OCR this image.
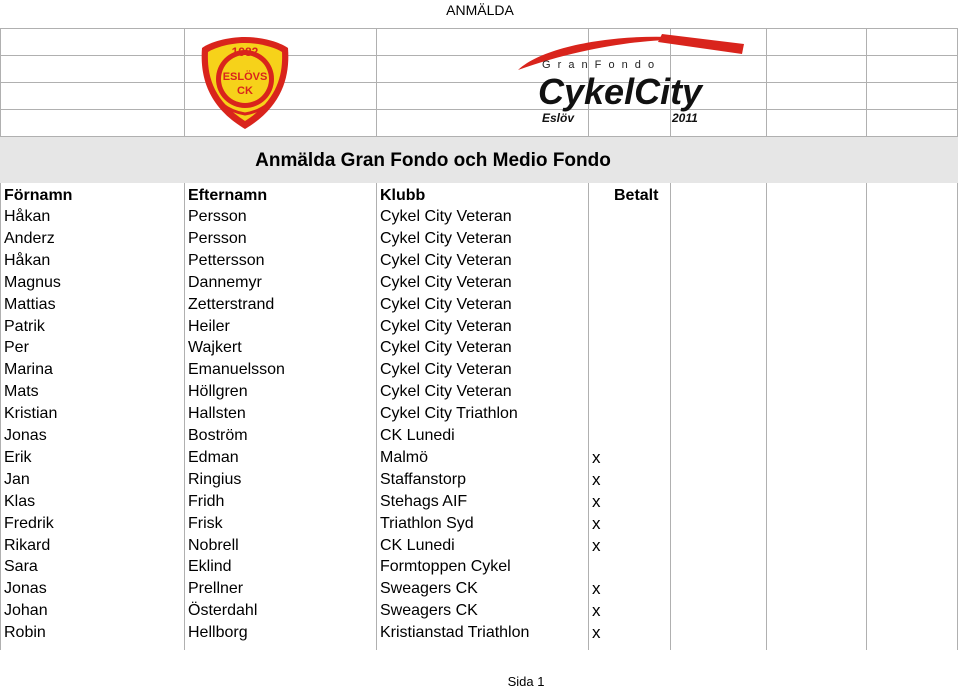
ANMÄLDA
1982
ESLÖVS
CK
G r a n F o n d o
CykelCity
Eslöv	2011
Anmälda Gran Fondo och Medio Fondo
Förnamn	Efternamn	Klubb	Betalt
Håkan	Persson	Cykel City Veteran
Anderz	Persson	Cykel City Veteran
Håkan	Pettersson	Cykel City Veteran
Magnus	Dannemyr	Cykel City Veteran
Mattias	Zetterstrand	Cykel City Veteran
Patrik	Heiler	Cykel City Veteran
Per	Wajkert	Cykel City Veteran
Marina	Emanuelsson	Cykel City Veteran
Mats	Höllgren	Cykel City Veteran
Kristian	Hallsten	Cykel City Triathlon
Jonas	Boström	CK Lunedi
Erik	Edman	Malmö	x
Jan	Ringius	Staffanstorp	x
Klas	Fridh	Stehags AIF	x
Fredrik	Frisk	Triathlon Syd	x
Rikard	Nobrell	CK Lunedi	x
Sara	Eklind	Formtoppen Cykel
Jonas	Prellner	Sweagers CK	x
Johan	Österdahl	Sweagers CK	x
Robin	Hellborg	Kristianstad Triathlon	x
Sida 1
